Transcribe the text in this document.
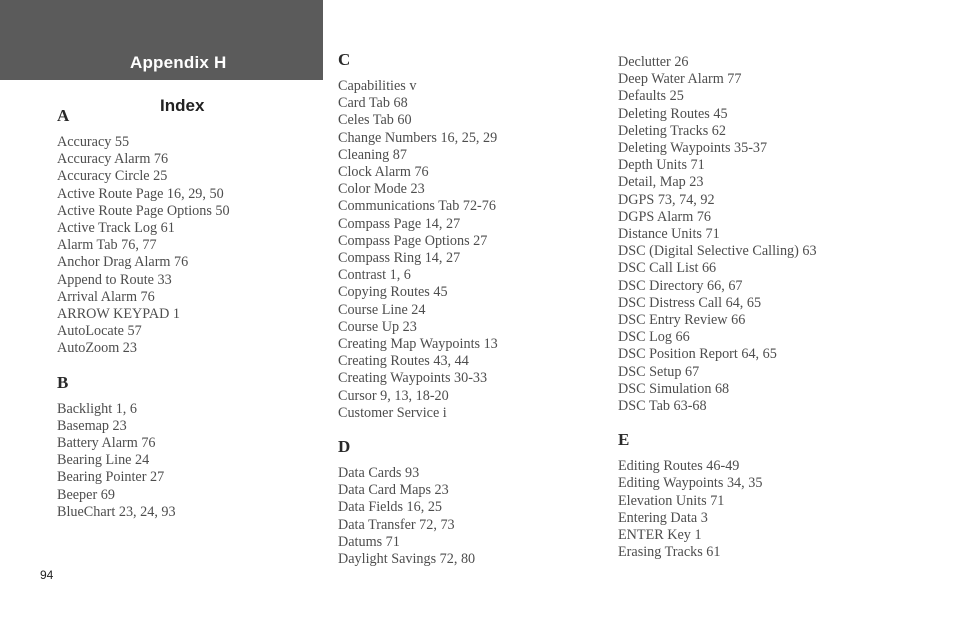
Appendix H
Index
A
Accuracy 55
Accuracy Alarm 76
Accuracy Circle 25
Active Route Page 16, 29, 50
Active Route Page Options 50
Active Track Log 61
Alarm Tab 76, 77
Anchor Drag Alarm 76
Append to Route 33
Arrival Alarm 76
ARROW KEYPAD 1
AutoLocate 57
AutoZoom 23
B
Backlight 1, 6
Basemap 23
Battery Alarm 76
Bearing Line 24
Bearing Pointer 27
Beeper 69
BlueChart 23, 24, 93
C
Capabilities v
Card Tab 68
Celes Tab 60
Change Numbers 16, 25, 29
Cleaning 87
Clock Alarm 76
Color Mode 23
Communications Tab 72-76
Compass Page 14, 27
Compass Page Options 27
Compass Ring 14, 27
Contrast 1, 6
Copying Routes 45
Course Line 24
Course Up 23
Creating Map Waypoints 13
Creating Routes 43, 44
Creating Waypoints 30-33
Cursor 9, 13, 18-20
Customer Service i
D
Data Cards 93
Data Card Maps 23
Data Fields 16, 25
Data Transfer 72, 73
Datums 71
Daylight Savings 72, 80
Declutter 26
Deep Water Alarm 77
Defaults 25
Deleting Routes 45
Deleting Tracks 62
Deleting Waypoints 35-37
Depth Units 71
Detail, Map 23
DGPS 73, 74, 92
DGPS Alarm 76
Distance Units 71
DSC (Digital Selective Calling) 63
DSC Call List 66
DSC Directory 66, 67
DSC Distress Call 64, 65
DSC Entry Review 66
DSC Log 66
DSC Position Report 64, 65
DSC Setup 67
DSC Simulation 68
DSC Tab 63-68
E
Editing Routes 46-49
Editing Waypoints 34, 35
Elevation Units 71
Entering Data 3
ENTER Key 1
Erasing Tracks 61
94
